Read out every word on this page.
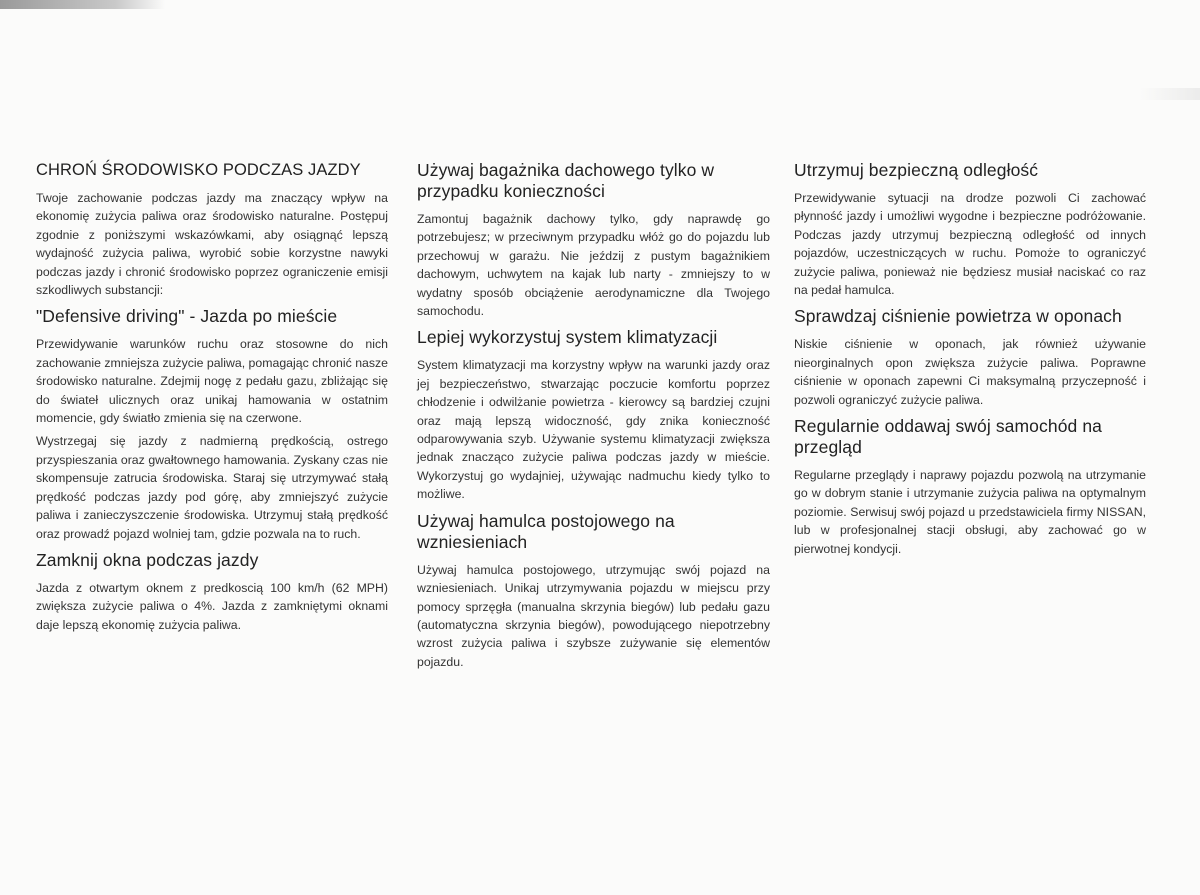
CHROŃ ŚRODOWISKO PODCZAS JAZDY

Twoje zachowanie podczas jazdy ma znaczący wpływ na ekonomię zużycia paliwa oraz środowisko naturalne. Postępuj zgodnie z poniższymi wskazówkami, aby osiągnąć lepszą wydajność zużycia paliwa, wyrobić sobie korzystne nawyki podczas jazdy i chronić środowisko poprzez ograniczenie emisji szkodliwych substancji:

"Defensive driving" - Jazda po mieście

Przewidywanie warunków ruchu oraz stosowne do nich zachowanie zmniejsza zużycie paliwa, pomagając chronić nasze środowisko naturalne. Zdejmij nogę z pedału gazu, zbliżając się do świateł ulicznych oraz unikaj hamowania w ostatnim momencie, gdy światło zmienia się na czerwone.

Wystrzegaj się jazdy z nadmierną prędkością, ostrego przyspieszania oraz gwałtownego hamowania. Zyskany czas nie skompensuje zatrucia środowiska. Staraj się utrzymywać stałą prędkość podczas jazdy pod górę, aby zmniejszyć zużycie paliwa i zanieczyszczenie środowiska. Utrzymuj stałą prędkość oraz prowadź pojazd wolniej tam, gdzie pozwala na to ruch.

Zamknij okna podczas jazdy

Jazda z otwartym oknem z predkoscią 100 km/h (62 MPH) zwiększa zużycie paliwa o 4%. Jazda z zamkniętymi oknami daje lepszą ekonomię zużycia paliwa.

Używaj bagażnika dachowego tylko w przypadku konieczności

Zamontuj bagażnik dachowy tylko, gdy naprawdę go potrzebujesz; w przeciwnym przypadku włóż go do pojazdu lub przechowuj w garażu. Nie jeździj z pustym bagażnikiem dachowym, uchwytem na kajak lub narty - zmniejszy to w wydatny sposób obciążenie aerodynamiczne dla Twojego samochodu.

Lepiej wykorzystuj system klimatyzacji

System klimatyzacji ma korzystny wpływ na warunki jazdy oraz jej bezpieczeństwo, stwarzając poczucie komfortu poprzez chłodzenie i odwilżanie powietrza - kierowcy są bardziej czujni oraz mają lepszą widoczność, gdy znika konieczność odparowywania szyb. Używanie systemu klimatyzacji zwiększa jednak znacząco zużycie paliwa podczas jazdy w mieście. Wykorzystuj go wydajniej, używając nadmuchu kiedy tylko to możliwe.

Używaj hamulca postojowego na wzniesieniach

Używaj hamulca postojowego, utrzymując swój pojazd na wzniesieniach. Unikaj utrzymywania pojazdu w miejscu przy pomocy sprzęgła (manualna skrzynia biegów) lub pedału gazu (automatyczna skrzynia biegów), powodującego niepotrzebny wzrost zużycia paliwa i szybsze zużywanie się elementów pojazdu.

Utrzymuj bezpieczną odległość

Przewidywanie sytuacji na drodze pozwoli Ci zachować płynność jazdy i umożliwi wygodne i bezpieczne podróżowanie. Podczas jazdy utrzymuj bezpieczną odległość od innych pojazdów, uczestniczących w ruchu. Pomoże to ograniczyć zużycie paliwa, ponieważ nie będziesz musiał naciskać co raz na pedał hamulca.

Sprawdzaj ciśnienie powietrza w oponach

Niskie ciśnienie w oponach, jak również używanie nieorginalnych opon zwiększa zużycie paliwa. Poprawne ciśnienie w oponach zapewni Ci maksymalną przyczepność i pozwoli ograniczyć zużycie paliwa.

Regularnie oddawaj swój samochód na przegląd

Regularne przeglądy i naprawy pojazdu pozwolą na utrzymanie go w dobrym stanie i utrzymanie zużycia paliwa na optymalnym poziomie. Serwisuj swój pojazd u przedstawiciela firmy NISSAN, lub w profesjonalnej stacji obsługi, aby zachować go w pierwotnej kondycji.
